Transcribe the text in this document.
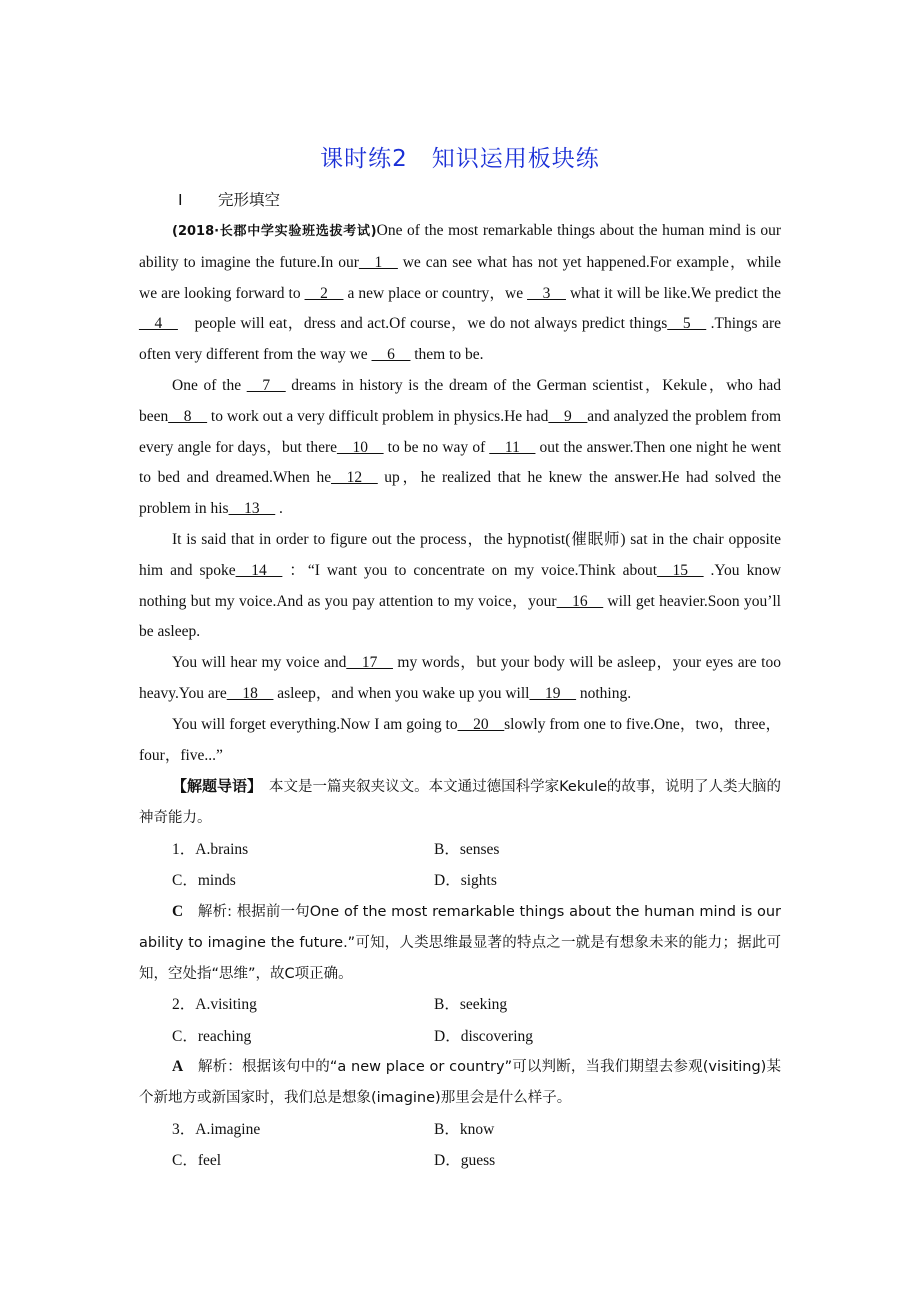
课时练2　知识运用板块练
Ⅰ 完形填空

(2018·长郡中学实验班选拔考试)One of the most remarkable things about the human mind is our ability to imagine the future.In our__1__ we can see what has not yet happened.For example，while we are looking forward to __2__ a new place or country，we __3__ what it will be like.We predict the __4__　people will eat，dress and act.Of course，we do not always predict things__5__ .Things are often very different from the way we __6__ them to be.

One of the __7__ dreams in history is the dream of the German scientist，Kekule，who had been__8__ to work out a very difficult problem in physics.He had__9__and analyzed the problem from every angle for days，but there__10__ to be no way of __11__ out the answer.Then one night he went to bed and dreamed.When he__12__ up，he realized that he knew the answer.He had solved the problem in his__13__ .

It is said that in order to figure out the process，the hypnotist(催眠师) sat in the chair opposite him and spoke__14__ ：“I want you to concentrate on my voice.Think about__15__ .You know nothing but my voice.And as you pay attention to my voice，your__16__ will get heavier.Soon you’ll be asleep.

You will hear my voice and__17__ my words，but your body will be asleep，your eyes are too heavy.You are__18__ asleep，and when you wake up you will__19__ nothing.

You will forget everything.Now I am going to__20__slowly from one to five.One，two，three，four，five...”

【解题导语】　本文是一篇夹叙夹议文。本文通过德国科学家Kekule的故事，说明了人类大脑的神奇能力。

1．A.brains	B．senses
C．minds	D．sights

C　解析: 根据前一句One of the most remarkable things about the human mind is our ability to imagine the future.”可知，人类思维最显著的特点之一就是有想象未来的能力；据此可知，空处指“思维”，故C项正确。

2．A.visiting	B．seeking
C．reaching	D．discovering

A　解析：根据该句中的“a new place or country”可以判断，当我们期望去参观(visiting)某个新地方或新国家时，我们总是想象(imagine)那里会是什么样子。

3．A.imagine	B．know
C．feel	D．guess
